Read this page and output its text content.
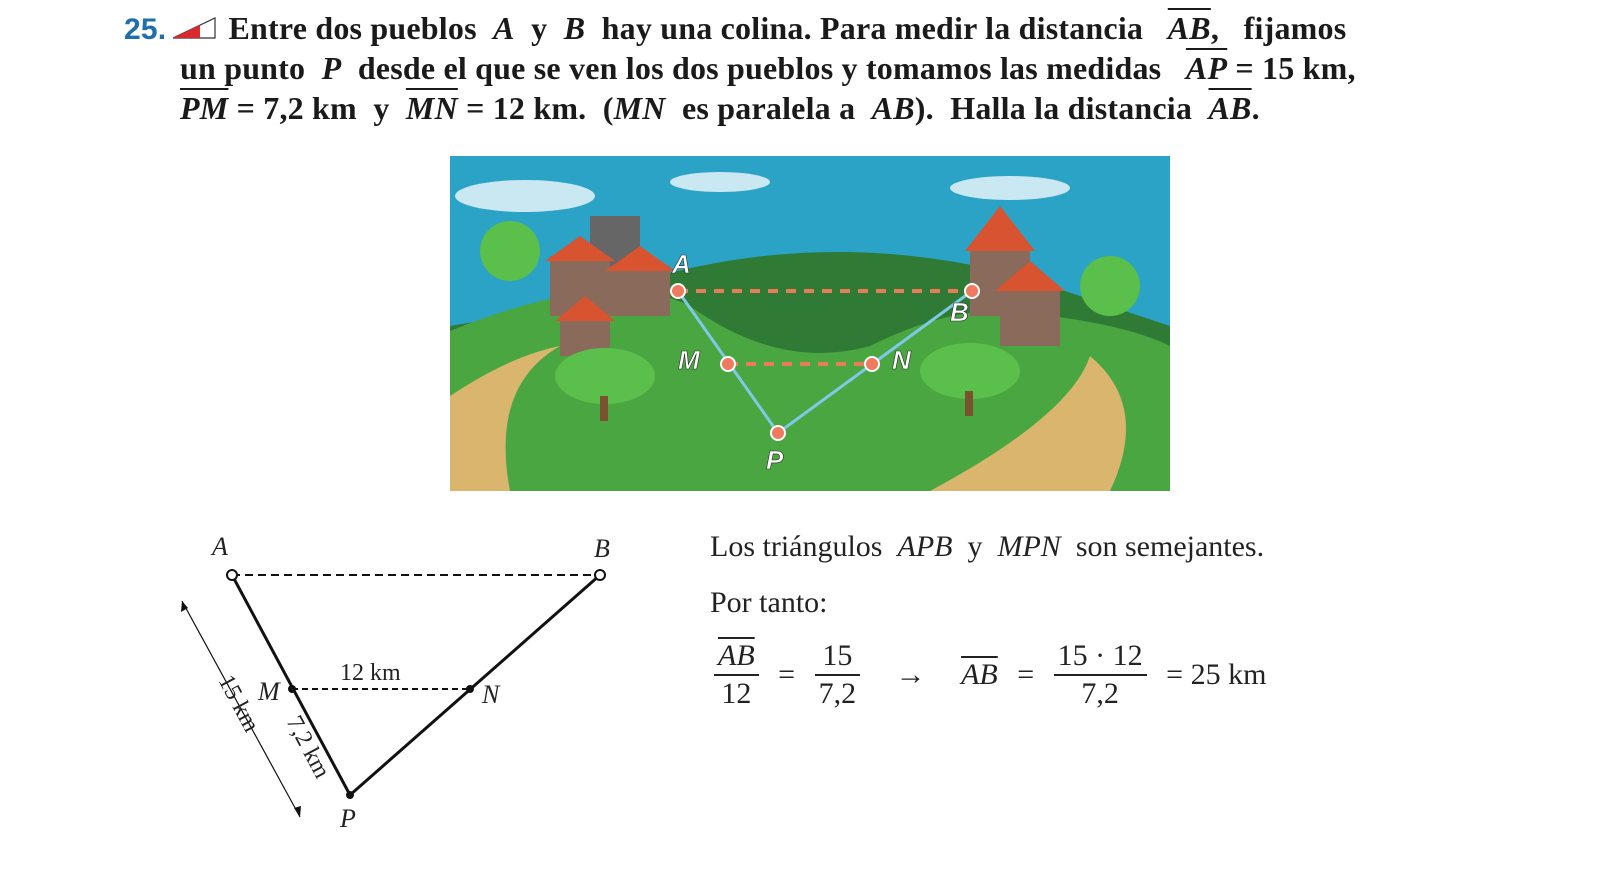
25. Entre dos pueblos A y B hay una colina. Para medir la distancia $\overline{AB}$, fijamos
un punto P desde el que se ven los dos pueblos y tomamos las medidas $\overline{AP} = 15$ km,
$\overline{PM} = 7,2$ km y $\overline{MN} = 12$ km. (MN es paralela a AB). Halla la distancia $\overline{AB}$.
A
B
M	N
P
A	B
M	N
P
12 km
15 km
7,2 km
Los triángulos APB y MPN son semejantes.
Por tanto:
$\frac{\overline{AB}}{12} = \frac{15}{7,2} \to \overline{AB} = \frac{15 \cdot 12}{7,2} = 25$ km
